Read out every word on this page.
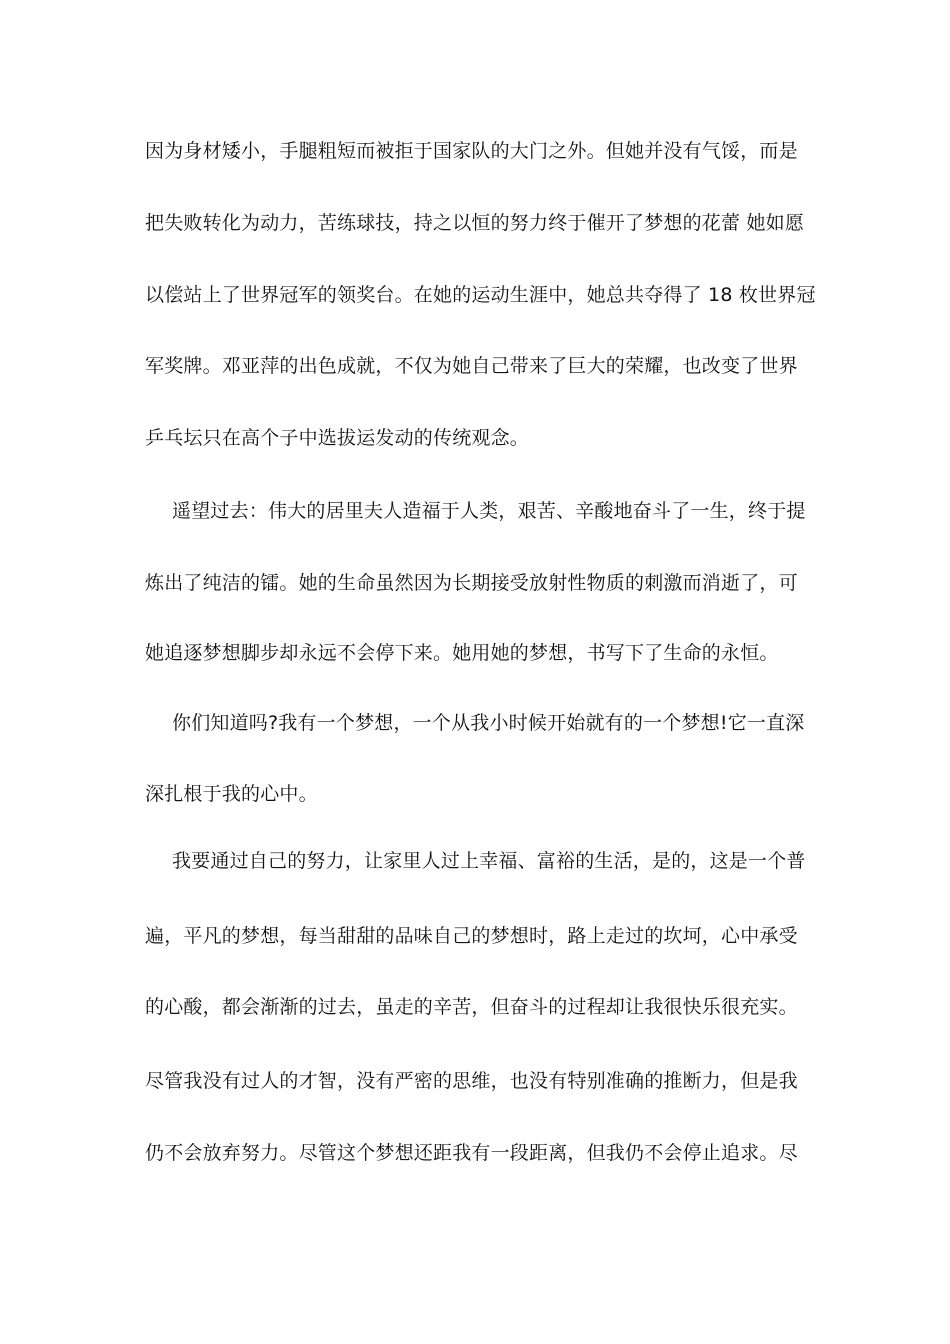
因为身材矮小，手腿粗短而被拒于国家队的大门之外。但她并没有气馁，而是
把失败转化为动力，苦练球技，持之以恒的努力终于催开了梦想的花蕾 她如愿
以偿站上了世界冠军的领奖台。在她的运动生涯中，她总共夺得了 18 枚世界冠
军奖牌。邓亚萍的出色成就，不仅为她自己带来了巨大的荣耀，也改变了世界
乒乓坛只在高个子中选拔运发动的传统观念。
遥望过去：伟大的居里夫人造福于人类，艰苦、辛酸地奋斗了一生，终于提
炼出了纯洁的镭。她的生命虽然因为长期接受放射性物质的刺激而消逝了，可
她追逐梦想脚步却永远不会停下来。她用她的梦想，书写下了生命的永恒。
你们知道吗?我有一个梦想，一个从我小时候开始就有的一个梦想!它一直深
深扎根于我的心中。
我要通过自己的努力，让家里人过上幸福、富裕的生活，是的，这是一个普
遍，平凡的梦想，每当甜甜的品味自己的梦想时，路上走过的坎坷，心中承受
的心酸，都会渐渐的过去，虽走的辛苦，但奋斗的过程却让我很快乐很充实。
尽管我没有过人的才智，没有严密的思维，也没有特别准确的推断力，但是我
仍不会放弃努力。尽管这个梦想还距我有一段距离，但我仍不会停止追求。尽
